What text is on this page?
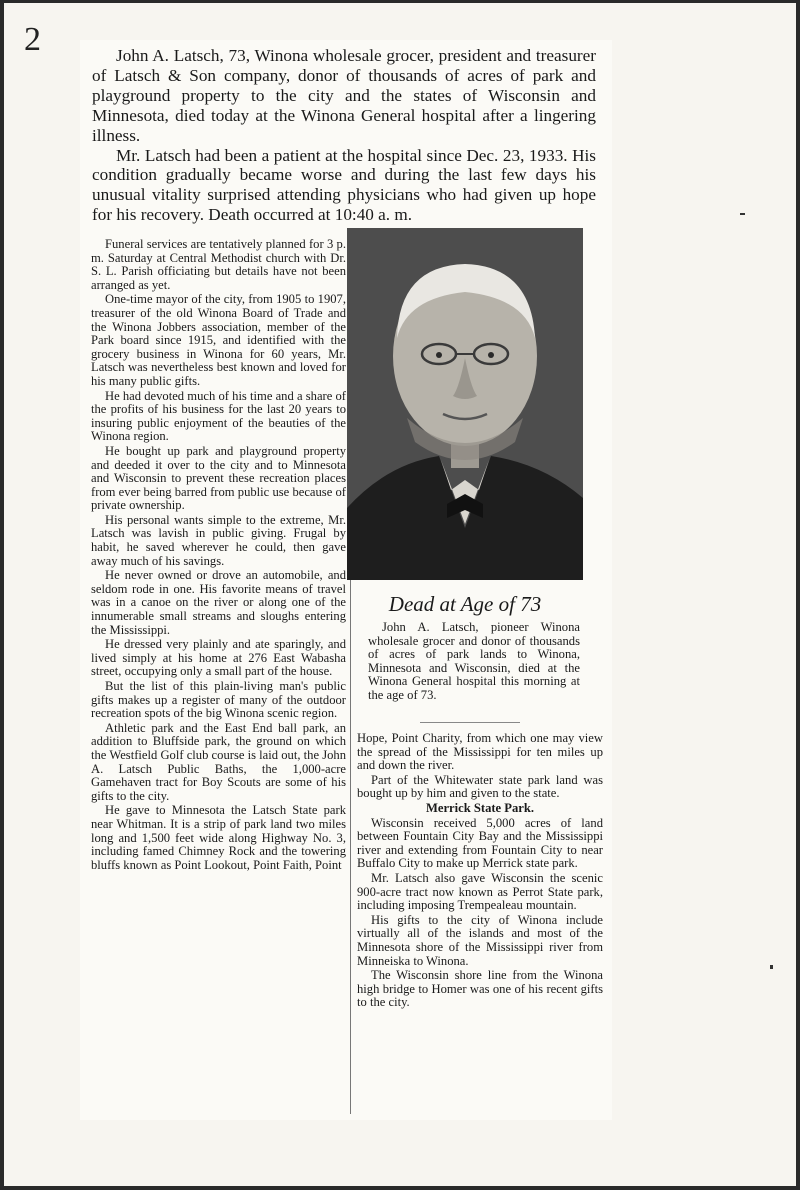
2	John A. Latsch, 73, Winona wholesale grocer, president and treasurer of Latsch & Son company, donor of thousands of acres of park and playground property to the city and the states of Wisconsin and Minnesota, died today at the Winona General hospital after a lingering illness.

Mr. Latsch had been a patient at the hospital since Dec. 23, 1933. His condition gradually became worse and during the last few days his unusual vitality surprised attending physicians who had given up hope for his recovery. Death occurred at 10:40 a. m.

Funeral services are tentatively planned for 3 p. m. Saturday at Central Methodist church with Dr. S. L. Parish officiating but details have not been arranged as yet.

One-time mayor of the city, from 1905 to 1907, treasurer of the old Winona Board of Trade and the Winona Jobbers association, member of the Park board since 1915, and identified with the grocery business in Winona for 60 years, Mr. Latsch was nevertheless best known and loved for his many public gifts.

He had devoted much of his time and a share of the profits of his business for the last 20 years to insuring public enjoyment of the beauties of the Winona region.

He bought up park and playground property and deeded it over to the city and to Minnesota and Wisconsin to prevent these recreation places from ever being barred from public use because of private ownership.

His personal wants simple to the extreme, Mr. Latsch was lavish in public giving. Frugal by habit, he saved wherever he could, then gave away much of his savings.

He never owned or drove an automobile, and seldom rode in one. His favorite means of travel was in a canoe on the river or along one of the innumerable small streams and sloughs entering the Mississippi.

He dressed very plainly and ate sparingly, and lived simply at his home at 276 East Wabasha street, occupying only a small part of the house.

But the list of this plain-living man's public gifts makes up a register of many of the outdoor recreation spots of the big Winona scenic region.

Athletic park and the East End ball park, an addition to Bluffside park, the ground on which the Westfield Golf club course is laid out, the John A. Latsch Public Baths, the 1,000-acre Gamehaven tract for Boy Scouts are some of his gifts to the city.

He gave to Minnesota the Latsch State park near Whitman. It is a strip of park land two miles long and 1,500 feet wide along Highway No. 3, including famed Chimney Rock and the towering bluffs known as Point Lookout, Point Faith, Point

Dead at Age of 73

John A. Latsch, pioneer Winona wholesale grocer and donor of thousands of acres of park lands to Winona, Minnesota and Wisconsin, died at the Winona General hospital this morning at the age of 73.

Hope, Point Charity, from which one may view the spread of the Mississippi for ten miles up and down the river.

Part of the Whitewater state park land was bought up by him and given to the state.

Merrick State Park.

Wisconsin received 5,000 acres of land between Fountain City Bay and the Mississippi river and extending from Fountain City to near Buffalo City to make up Merrick state park.

Mr. Latsch also gave Wisconsin the scenic 900-acre tract now known as Perrot State park, including imposing Trempealeau mountain.

His gifts to the city of Winona include virtually all of the islands and most of the Minnesota shore of the Mississippi river from Minneiska to Winona.

The Wisconsin shore line from the Winona high bridge to Homer was one of his recent gifts to the city.
